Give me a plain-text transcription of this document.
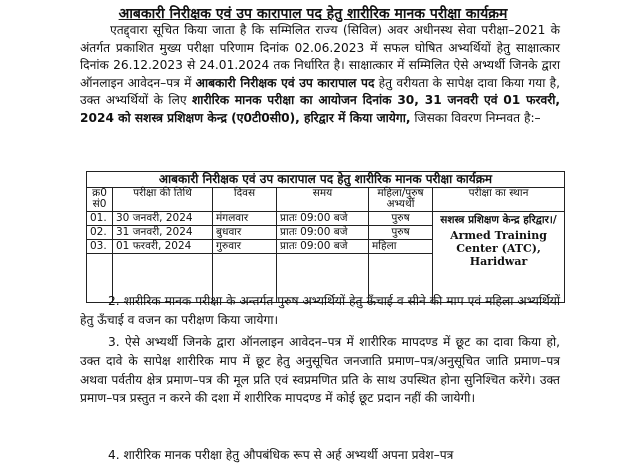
आबकारी निरीक्षक एवं उप कारापाल पद हेतु शारीरिक मानक परीक्षा कार्यक्रम
एतद्द्वारा सूचित किया जाता है कि सम्मिलित राज्य (सिविल) अवर अधीनस्थ सेवा परीक्षा–2021 के अंतर्गत प्रकाशित मुख्य परीक्षा परिणाम दिनांक 02.06.2023 में सफल घोषित अभ्यर्थियों हेतु साक्षात्कार दिनांक 26.12.2023 से 24.01.2024 तक निर्धारित है। साक्षात्कार में सम्मिलित ऐसे अभ्यर्थी जिनके द्वारा ऑनलाइन आवेदन–पत्र में आबकारी निरीक्षक एवं उप कारापाल पद हेतु वरीयता के सापेक्ष दावा किया गया है, उक्त अभ्यर्थियों के लिए शारीरिक मानक परीक्षा का आयोजन दिनांक 30, 31 जनवरी एवं 01 फरवरी, 2024 को सशस्त्र प्रशिक्षण केन्द्र (ए0टी0सी0), हरिद्वार में किया जायेगा, जिसका विवरण निम्नवत है:–
आबकारी निरीक्षक एवं उप कारापाल पद हेतु शारीरिक मानक परीक्षा कार्यक्रम					
क्र0 सं0	परीक्षा की तिथि	दिवस	समय	महिला/पुरुष अभ्यर्थी	परीक्षा का स्थान
01.	30 जनवरी, 2024	मंगलवार	प्रातः 09:00 बजे	पुरुष	सशस्त्र प्रशिक्षण केन्द्र हरिद्वार।/
Armed Training Center (ATC), Haridwar

02.	31 जनवरी, 2024	बुधवार	प्रातः 09:00 बजे	पुरुष	
03.	01 फरवरी, 2024	गुरुवार	प्रातः 09:00 बजे	महिला	

2. शारीरिक मानक परीक्षा के अन्तर्गत पुरुष अभ्यर्थियों हेतु ऊँचाई व सीने की माप एवं महिला अभ्यर्थियों हेतु ऊँचाई व वजन का परीक्षण किया जायेगा।
3. ऐसे अभ्यर्थी जिनके द्वारा ऑनलाइन आवेदन–पत्र में शारीरिक मापदण्ड में छूट का दावा किया हो, उक्त दावे के सापेक्ष शारीरिक माप में छूट हेतु अनुसूचित जनजाति प्रमाण–पत्र/अनुसूचित जाति प्रमाण–पत्र अथवा पर्वतीय क्षेत्र प्रमाण–पत्र की मूल प्रति एवं स्वप्रमणित प्रति के साथ उपस्थित होना सुनिश्चित करेंगे। उक्त प्रमाण–पत्र प्रस्तुत न करने की दशा में शारीरिक मापदण्ड में कोई छूट प्रदान नहीं की जायेगी।
4. शारीरिक मानक परीक्षा हेतु औपबंधिक रूप से अर्ह अभ्यर्थी अपना प्रवेश–पत्र
